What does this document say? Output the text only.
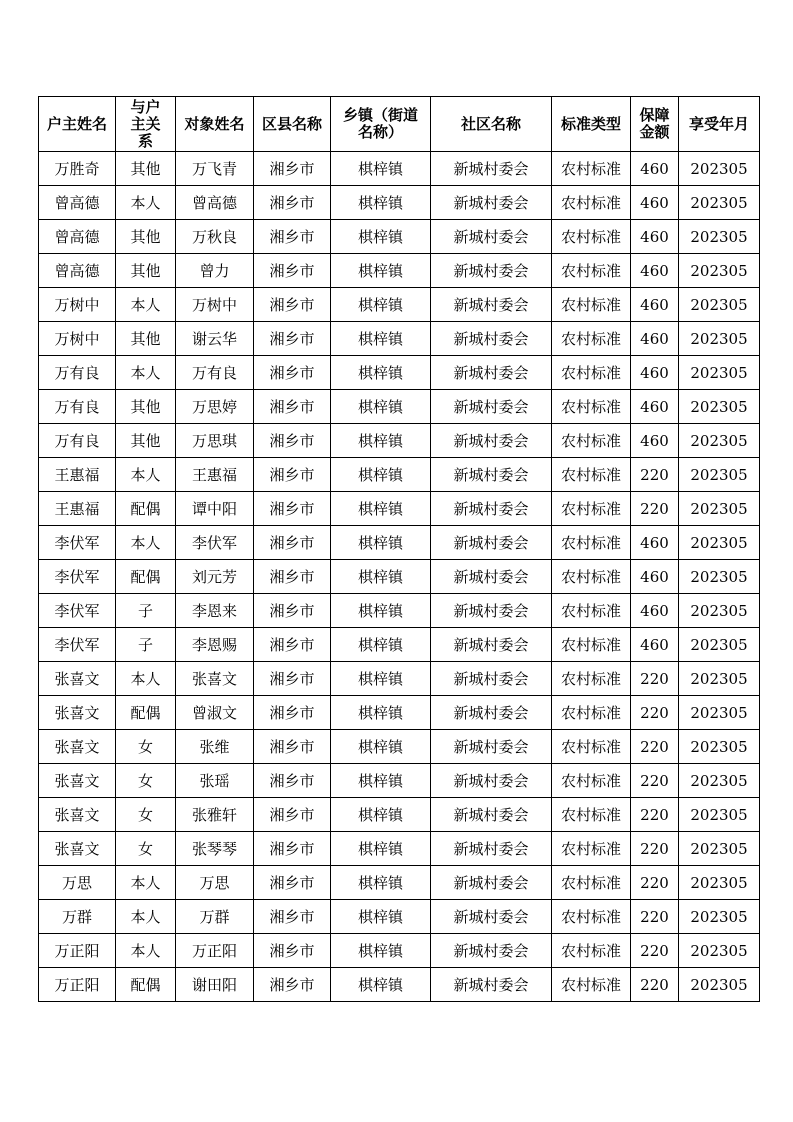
户主姓名	与户主关系	对象姓名	区县名称	乡镇（街道名称）	社区名称	标准类型	保障金额	享受年月
万胜奇	其他	万飞青	湘乡市	棋梓镇	新城村委会	农村标准	460	202305
曾高德	本人	曾高德	湘乡市	棋梓镇	新城村委会	农村标准	460	202305
曾高德	其他	万秋良	湘乡市	棋梓镇	新城村委会	农村标准	460	202305
曾高德	其他	曾力	湘乡市	棋梓镇	新城村委会	农村标准	460	202305
万树中	本人	万树中	湘乡市	棋梓镇	新城村委会	农村标准	460	202305
万树中	其他	谢云华	湘乡市	棋梓镇	新城村委会	农村标准	460	202305
万有良	本人	万有良	湘乡市	棋梓镇	新城村委会	农村标准	460	202305
万有良	其他	万思婷	湘乡市	棋梓镇	新城村委会	农村标准	460	202305
万有良	其他	万思琪	湘乡市	棋梓镇	新城村委会	农村标准	460	202305
王惠福	本人	王惠福	湘乡市	棋梓镇	新城村委会	农村标准	220	202305
王惠福	配偶	谭中阳	湘乡市	棋梓镇	新城村委会	农村标准	220	202305
李伏军	本人	李伏军	湘乡市	棋梓镇	新城村委会	农村标准	460	202305
李伏军	配偶	刘元芳	湘乡市	棋梓镇	新城村委会	农村标准	460	202305
李伏军	子	李恩来	湘乡市	棋梓镇	新城村委会	农村标准	460	202305
李伏军	子	李恩赐	湘乡市	棋梓镇	新城村委会	农村标准	460	202305
张喜文	本人	张喜文	湘乡市	棋梓镇	新城村委会	农村标准	220	202305
张喜文	配偶	曾淑文	湘乡市	棋梓镇	新城村委会	农村标准	220	202305
张喜文	女	张维	湘乡市	棋梓镇	新城村委会	农村标准	220	202305
张喜文	女	张瑶	湘乡市	棋梓镇	新城村委会	农村标准	220	202305
张喜文	女	张雅轩	湘乡市	棋梓镇	新城村委会	农村标准	220	202305
张喜文	女	张琴琴	湘乡市	棋梓镇	新城村委会	农村标准	220	202305
万思	本人	万思	湘乡市	棋梓镇	新城村委会	农村标准	220	202305
万群	本人	万群	湘乡市	棋梓镇	新城村委会	农村标准	220	202305
万正阳	本人	万正阳	湘乡市	棋梓镇	新城村委会	农村标准	220	202305
万正阳	配偶	谢田阳	湘乡市	棋梓镇	新城村委会	农村标准	220	202305
